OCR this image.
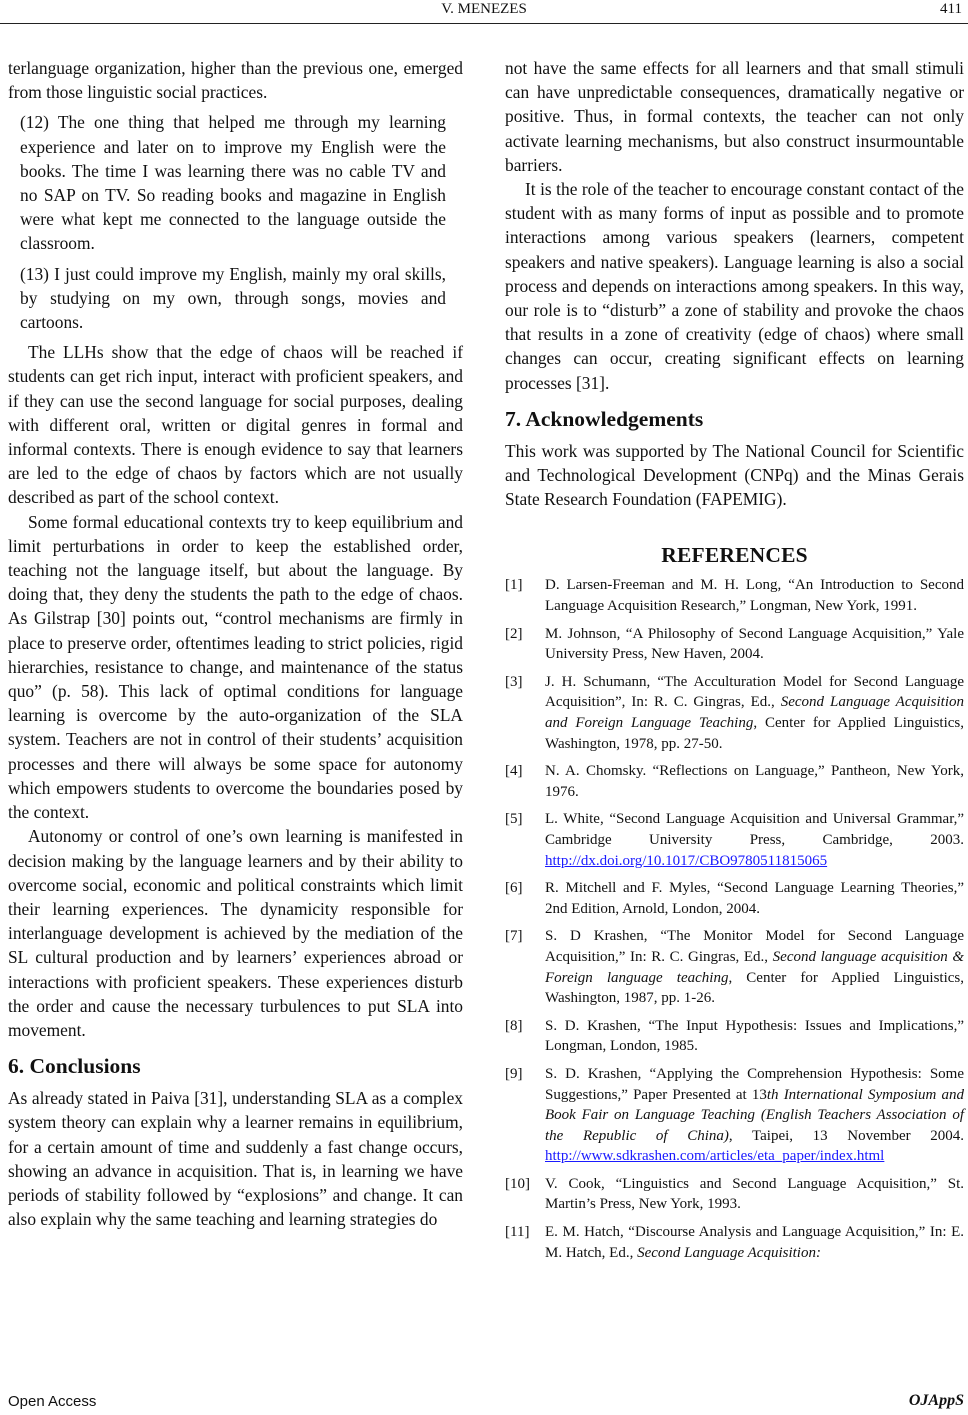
V. MENEZES	411

terlanguage organization, higher than the previous one, emerged from those linguistic social practices.

(12) The one thing that helped me through my learning experience and later on to improve my English were the books. The time I was learning there was no cable TV and no SAP on TV. So reading books and magazine in English were what kept me connected to the language outside the classroom.

(13) I just could improve my English, mainly my oral skills, by studying on my own, through songs, movies and cartoons.

The LLHs show that the edge of chaos will be reached if students can get rich input, interact with proficient speakers, and if they can use the second language for social purposes, dealing with different oral, written or digital genres in formal and informal contexts. There is enough evidence to say that learners are led to the edge of chaos by factors which are not usually described as part of the school context.

Some formal educational contexts try to keep equilibrium and limit perturbations in order to keep the established order, teaching not the language itself, but about the language. By doing that, they deny the students the path to the edge of chaos. As Gilstrap [30] points out, “control mechanisms are firmly in place to preserve order, oftentimes leading to strict policies, rigid hierarchies, resistance to change, and maintenance of the status quo” (p. 58). This lack of optimal conditions for language learning is overcome by the auto-organization of the SLA system. Teachers are not in control of their students’ acquisition processes and there will always be some space for autonomy which empowers students to overcome the boundaries posed by the context.

Autonomy or control of one’s own learning is manifested in decision making by the language learners and by their ability to overcome social, economic and political constraints which limit their learning experiences. The dynamicity responsible for interlanguage development is achieved by the mediation of the SL cultural production and by learners’ experiences abroad or interactions with proficient speakers. These experiences disturb the order and cause the necessary turbulences to put SLA into movement.

6. Conclusions

As already stated in Paiva [31], understanding SLA as a complex system theory can explain why a learner remains in equilibrium, for a certain amount of time and suddenly a fast change occurs, showing an advance in acquisition. That is, in learning we have periods of stability followed by “explosions” and change. It can also explain why the same teaching and learning strategies do

not have the same effects for all learners and that small stimuli can have unpredictable consequences, dramatically negative or positive. Thus, in formal contexts, the teacher can not only activate learning mechanisms, but also construct insurmountable barriers.

It is the role of the teacher to encourage constant contact of the student with as many forms of input as possible and to promote interactions among various speakers (learners, competent speakers and native speakers). Language learning is also a social process and depends on interactions among speakers. In this way, our role is to “disturb” a zone of stability and provoke the chaos that results in a zone of creativity (edge of chaos) where small changes can occur, creating significant effects on learning processes [31].

7. Acknowledgements

This work was supported by The National Council for Scientific and Technological Development (CNPq) and the Minas Gerais State Research Foundation (FAPEMIG).

REFERENCES
[1] D. Larsen-Freeman and M. H. Long, “An Introduction to Second Language Acquisition Research,” Longman, New York, 1991.
[2] M. Johnson, “A Philosophy of Second Language Acquisition,” Yale University Press, New Haven, 2004.
[3] J. H. Schumann, “The Acculturation Model for Second Language Acquisition”, In: R. C. Gingras, Ed., Second Language Acquisition and Foreign Language Teaching, Center for Applied Linguistics, Washington, 1978, pp. 27-50.
[4] N. A. Chomsky. “Reflections on Language,” Pantheon, New York, 1976.
[5] L. White, “Second Language Acquisition and Universal Grammar,” Cambridge University Press, Cambridge, 2003. http://dx.doi.org/10.1017/CBO9780511815065
[6] R. Mitchell and F. Myles, “Second Language Learning Theories,” 2nd Edition, Arnold, London, 2004.
[7] S. D Krashen, “The Monitor Model for Second Language Acquisition,” In: R. C. Gingras, Ed., Second language acquisition & Foreign language teaching, Center for Applied Linguistics, Washington, 1987, pp. 1-26.
[8] S. D. Krashen, “The Input Hypothesis: Issues and Implications,” Longman, London, 1985.
[9] S. D. Krashen, “Applying the Comprehension Hypothesis: Some Suggestions,” Paper Presented at 13th International Symposium and Book Fair on Language Teaching (English Teachers Association of the Republic of China), Taipei, 13 November 2004. http://www.sdkrashen.com/articles/eta_paper/index.html
[10] V. Cook, “Linguistics and Second Language Acquisition,” St. Martin’s Press, New York, 1993.
[11] E. M. Hatch, “Discourse Analysis and Language Acquisition,” In: E. M. Hatch, Ed., Second Language Acquisition:
Open Access	OJAppS
